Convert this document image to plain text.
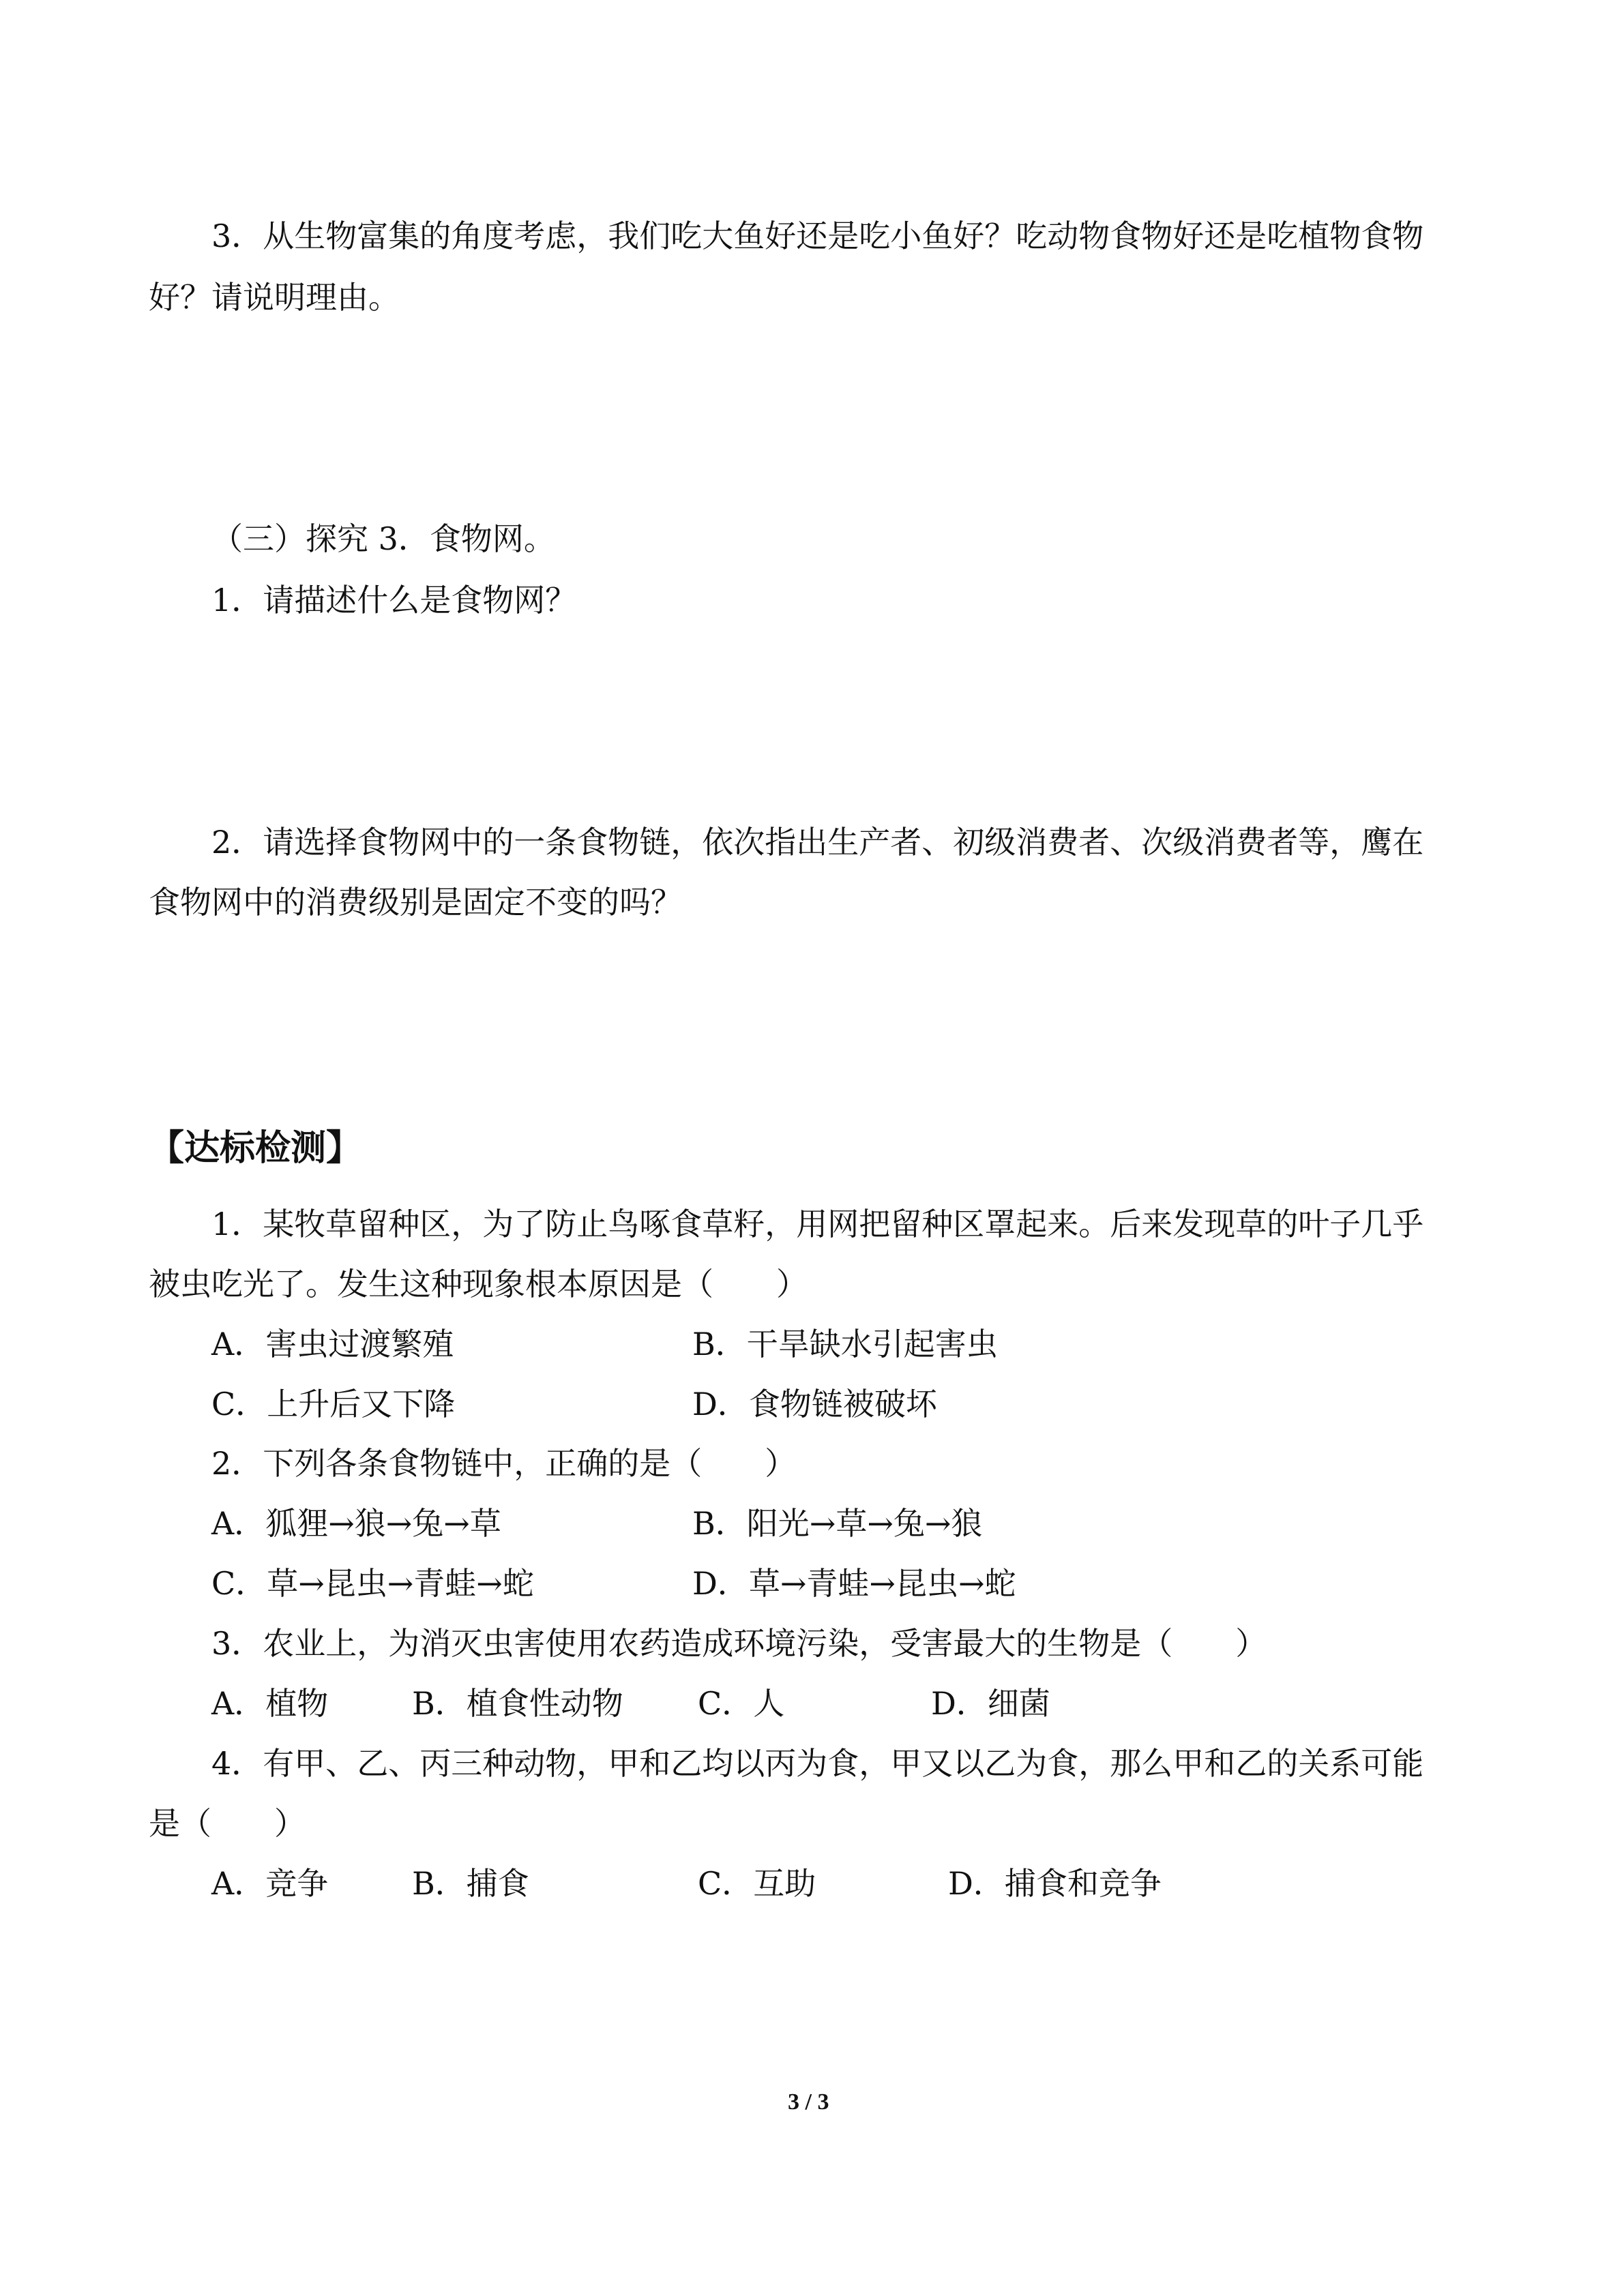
3．从生物富集的角度考虑，我们吃大鱼好还是吃小鱼好？吃动物食物好还是吃植物食物
好？请说明理由。
（三）探究 3．食物网。
1．请描述什么是食物网？
2．请选择食物网中的一条食物链，依次指出生产者、初级消费者、次级消费者等，鹰在
食物网中的消费级别是固定不变的吗？
【达标检测】
1．某牧草留种区，为了防止鸟啄食草籽，用网把留种区罩起来。后来发现草的叶子几乎
被虫吃光了。发生这种现象根本原因是（　　）
A．害虫过渡繁殖	B．干旱缺水引起害虫
C．上升后又下降	D．食物链被破坏
2．下列各条食物链中，正确的是（　　）
A．狐狸→狼→兔→草	B．阳光→草→兔→狼
C．草→昆虫→青蛙→蛇	D．草→青蛙→昆虫→蛇
3．农业上，为消灭虫害使用农药造成环境污染，受害最大的生物是（　　）
A．植物	B．植食性动物 C．人	D．细菌
4．有甲、乙、丙三种动物，甲和乙均以丙为食，甲又以乙为食，那么甲和乙的关系可能
是（　　）
A．竞争	B．捕食	C．互助	D．捕食和竞争
3 / 3
